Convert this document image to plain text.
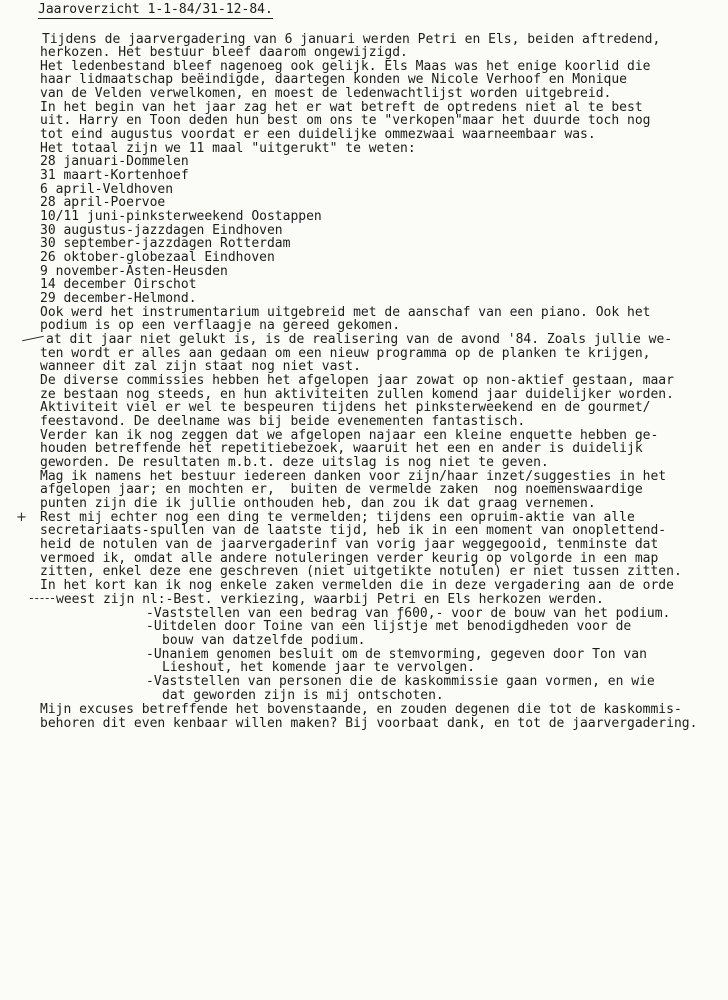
Jaaroverzicht 1-1-84/31-12-84.
Tijdens de jaarvergadering van 6 januari werden Petri en Els, beiden aftredend,
herkozen. Het bestuur bleef daarom ongewijzigd.
Het ledenbestand bleef nagenoeg ook gelijk. Els Maas was het enige koorlid die
haar lidmaatschap beëindigde, daartegen konden we Nicole Verhoof en Monique
van de Velden verwelkomen, en moest de ledenwachtlijst worden uitgebreid.
In het begin van het jaar zag het er wat betreft de optredens niet al te best
uit. Harry en Toon deden hun best om ons te "verkopen"maar het duurde toch nog
tot eind augustus voordat er een duidelijke ommezwaai waarneembaar was.
Het totaal zijn we 11 maal "uitgerukt" te weten:
28 januari-Dommelen
31 maart-Kortenhoef
6 april-Veldhoven
28 april-Poervoe
10/11 juni-pinksterweekend Oostappen
30 augustus-jazzdagen Eindhoven
30 september-jazzdagen Rotterdam
26 oktober-globezaal Eindhoven
9 november-Asten-Heusden
14 december Oirschot
29 december-Helmond.
Ook werd het instrumentarium uitgebreid met de aanschaf van een piano. Ook het
podium is op een verflaagje na gereed gekomen.
at dit jaar niet gelukt is, is de realisering van de avond '84. Zoals jullie we-
ten wordt er alles aan gedaan om een nieuw programma op de planken te krijgen,
wanneer dit zal zijn staat nog niet vast.
De diverse commissies hebben het afgelopen jaar zowat op non-aktief gestaan, maar
ze bestaan nog steeds, en hun aktiviteiten zullen komend jaar duidelijker worden.
Aktiviteit viel er wel te bespeuren tijdens het pinksterweekend en de gourmet/
feestavond. De deelname was bij beide evenementen fantastisch.
Verder kan ik nog zeggen dat we afgelopen najaar een kleine enquette hebben ge-
houden betreffende het repetitiebezoek, waaruit het een en ander is duidelijk
geworden. De resultaten m.b.t. deze uitslag is nog niet te geven.
Mag ik namens het bestuur iedereen danken voor zijn/haar inzet/suggesties in het
afgelopen jaar; en mochten er,  buiten de vermelde zaken  nog noemenswaardige
punten zijn die ik jullie onthouden heb, dan zou ik dat graag vernemen.
Rest mij echter nog een ding te vermelden; tijdens een opruim-aktie van alle
secretariaats-spullen van de laatste tijd, heb ik in een moment van onoplettend-
heid de notulen van de jaarvergaderinf van vorig jaar weggegooid, tenminste dat
vermoed ik, omdat alle andere notuleringen verder keurig op volgorde in een map
zitten, enkel deze ene geschreven (niet uitgetikte notulen) er niet tussen zitten.
In het kort kan ik nog enkele zaken vermelden die in deze vergadering aan de orde
weest zijn nl:-Best. verkiezing, waarbij Petri en Els herkozen werden.
-Vaststellen van een bedrag van ƒ600,- voor de bouw van het podium.
-Uitdelen door Toine van een lijstje met benodigdheden voor de
bouw van datzelfde podium.
-Unaniem genomen besluit om de stemvorming, gegeven door Ton van
Lieshout, het komende jaar te vervolgen.
-Vaststellen van personen die de kaskommissie gaan vormen, en wie
dat geworden zijn is mij ontschoten.
Mijn excuses betreffende het bovenstaande, en zouden degenen die tot de kaskommis-
behoren dit even kenbaar willen maken? Bij voorbaat dank, en tot de jaarvergadering.
+
